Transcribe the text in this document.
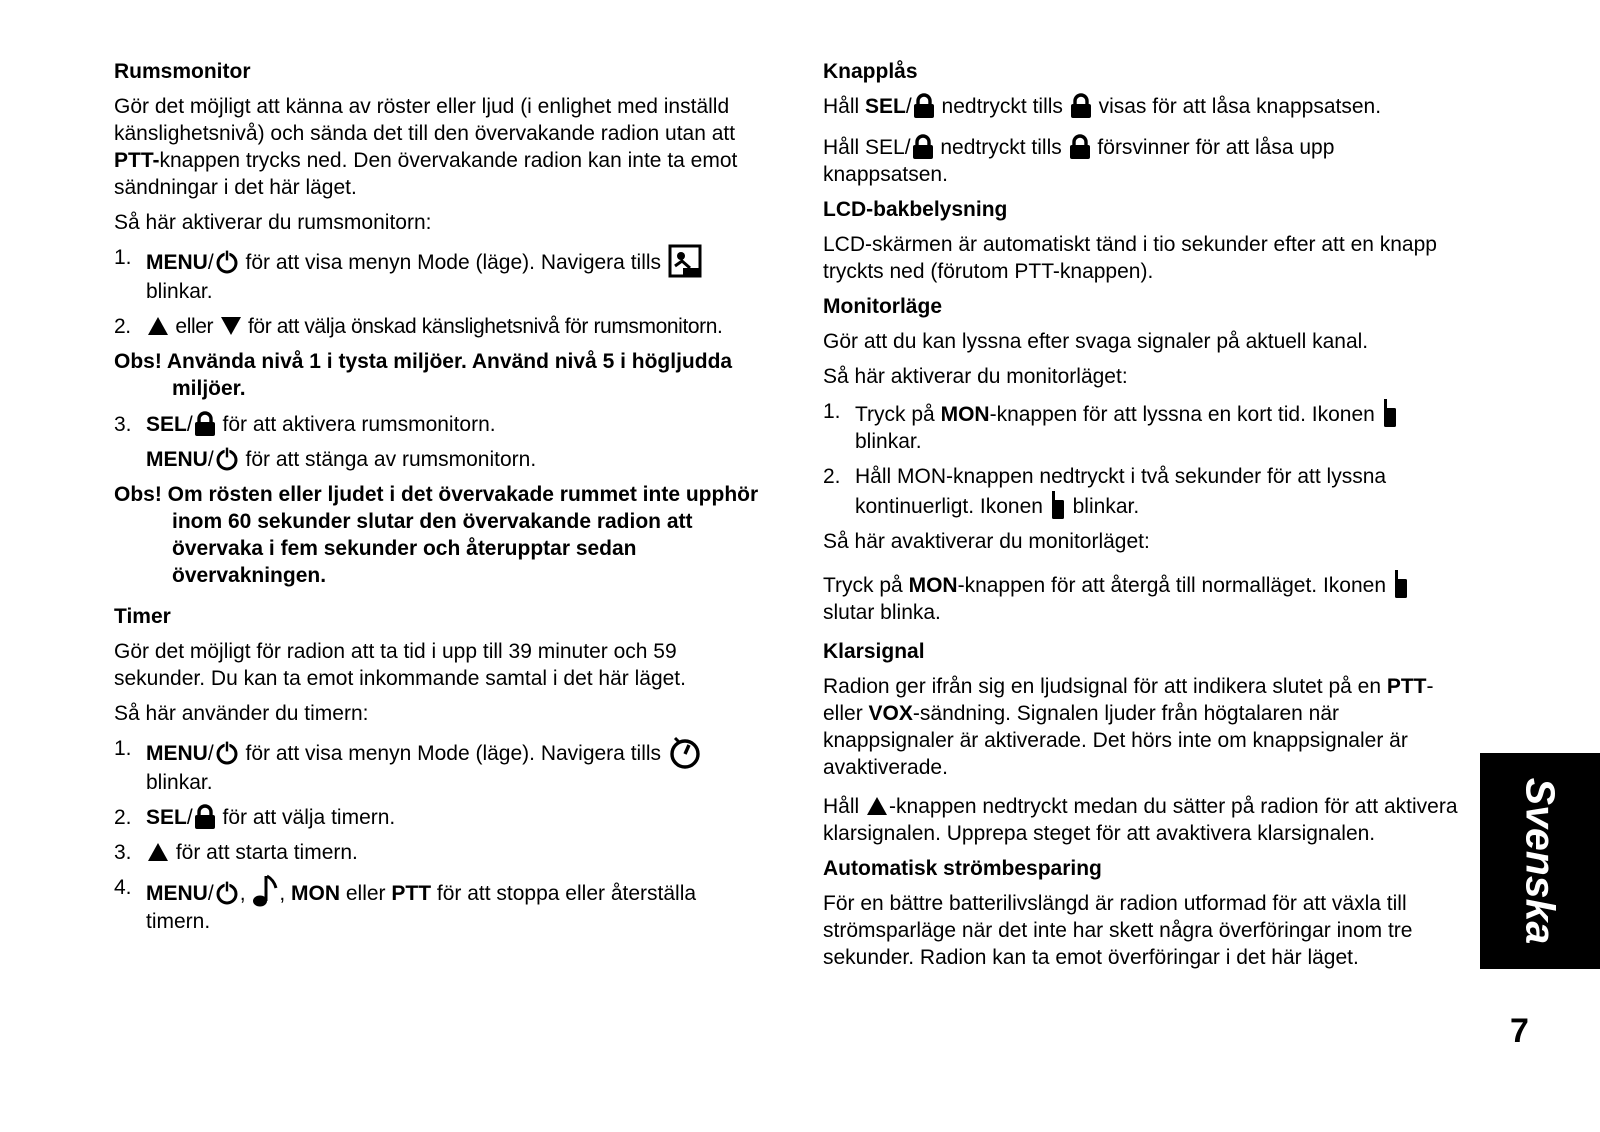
Rumsmonitor

Gör det möjligt att känna av röster eller ljud (i enlighet med inställd känslighetsnivå) och sända det till den övervakande radion utan att PTT-knappen trycks ned. Den övervakande radion kan inte ta emot sändningar i det här läget.

Så här aktiverar du rumsmonitorn:

1. MENU/
för att visa menyn Mode (läge). Navigera tills

blinkar.
2. eller
för att välja önskad känslighetsnivå för rumsmonitorn.
Obs! Använda nivå 1 i tysta miljöer. Använd nivå 5 i högljudda miljöer.
3. SEL/
för att aktivera rumsmonitorn.
MENU/
för att stänga av rumsmonitorn.
Obs! Om rösten eller ljudet i det övervakade rummet inte upphör inom 60 sekunder slutar den övervakande radion att övervaka i fem sekunder och återupptar sedan övervakningen.
Timer

Gör det möjligt för radion att ta tid i upp till 39 minuter och 59 sekunder. Du kan ta emot inkommande samtal i det här läget.

Så här använder du timern:

1. MENU/
för att visa menyn Mode (läge). Navigera tills

blinkar.
2. SEL/
för att välja timern.
3. för att starta timern.
4. MENU/ ,
, MON eller PTT för att stoppa eller återställa timern.
Knapplås

Håll SEL/
nedtryckt tills
visas för att låsa knappsatsen.

Håll SEL/
nedtryckt tills
försvinner för att låsa upp knappsatsen.

LCD-bakbelysning

LCD-skärmen är automatiskt tänd i tio sekunder efter att en knapp tryckts ned (förutom PTT-knappen).

Monitorläge

Gör att du kan lyssna efter svaga signaler på aktuell kanal.

Så här aktiverar du monitorläget:

1. Tryck på MON-knappen för att lyssna en kort tid. Ikonen

blinkar.
2. Håll MON-knappen nedtryckt i två sekunder för att lyssna kontinuerligt. Ikonen
blinkar.

Så här avaktiverar du monitorläget:

Tryck på MON-knappen för att återgå till normalläget. Ikonen

slutar blinka.

Klarsignal

Radion ger ifrån sig en ljudsignal för att indikera slutet på en PTT- eller VOX-sändning. Signalen ljuder från högtalaren när knappsignaler är aktiverade. Det hörs inte om knappsignaler är avaktiverade.

Håll
-knappen nedtryckt medan du sätter på radion för att aktivera klarsignalen. Upprepa steget för att avaktivera klarsignalen.

Automatisk strömbesparing

För en bättre batterilivslängd är radion utformad för att växla till strömsparläge när det inte har skett några överföringar inom tre sekunder. Radion kan ta emot överföringar i det här läget.

Svenska
7
